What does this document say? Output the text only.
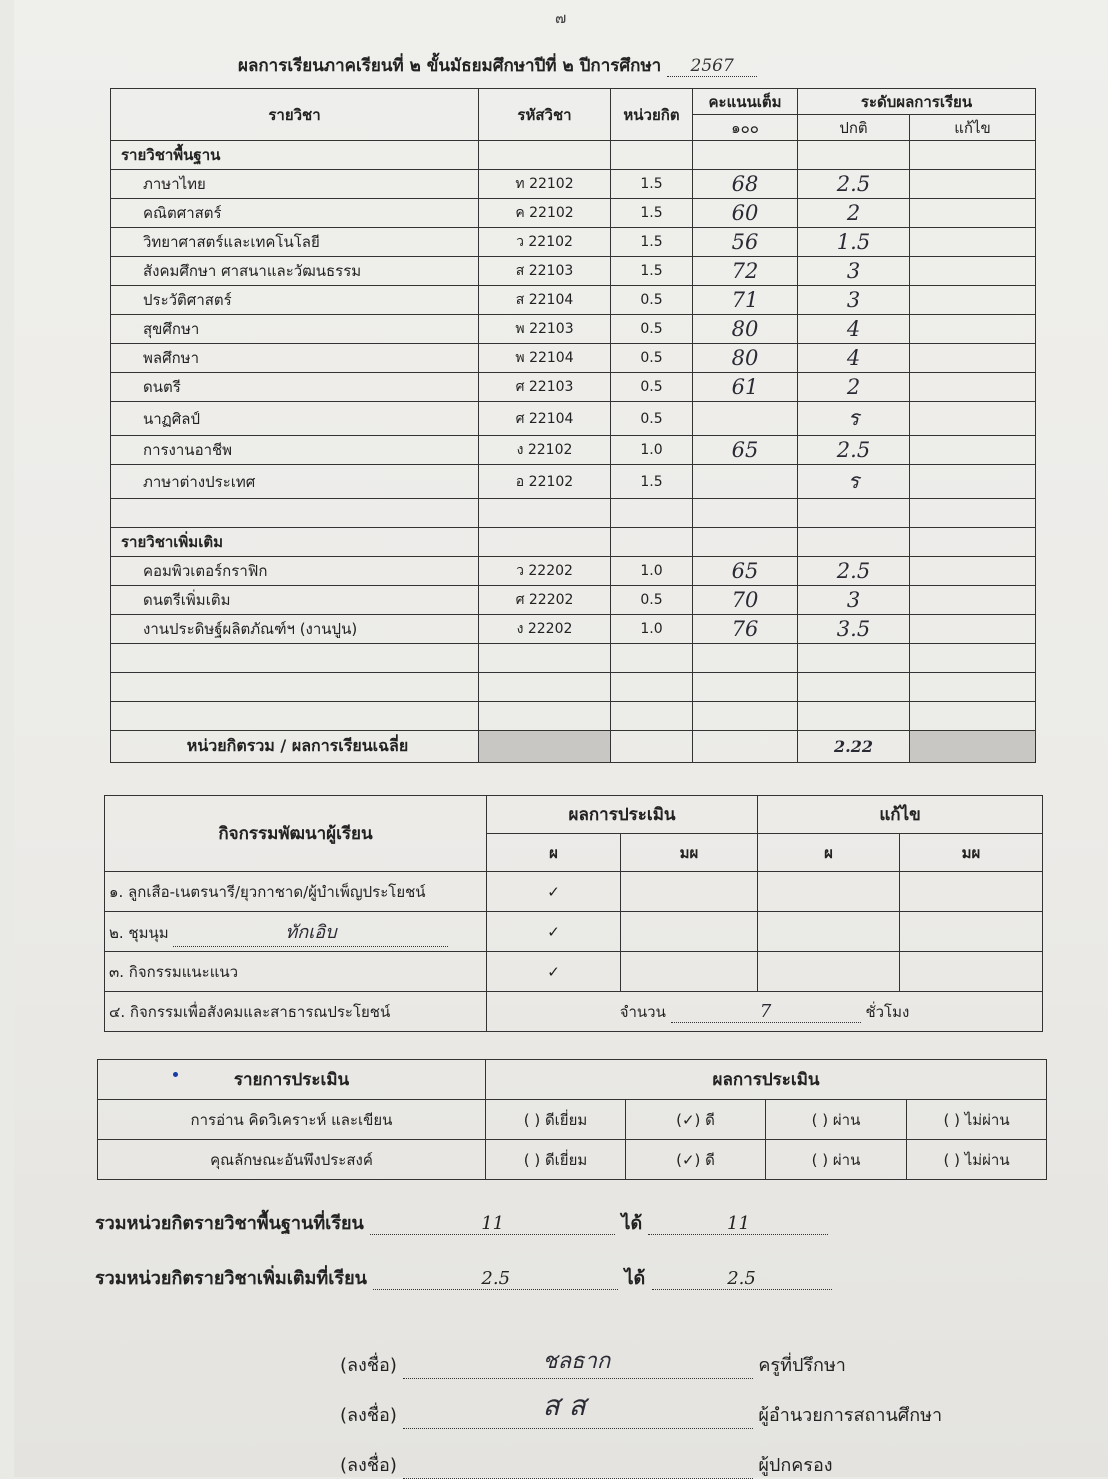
๗
ผลการเรียนภาคเรียนที่ ๒ ขั้นมัธยมศึกษาปีที่ ๒ ปีการศึกษา 2567
รายวิชา	รหัสวิชา	หน่วยกิต	คะแนนเต็ม	ระดับผลการเรียน	
			๑๐๐	ปกติ	แก้ไข
รายวิชาพื้นฐาน					
ภาษาไทย	ท 22102	1.5	68	2.5	
คณิตศาสตร์	ค 22102	1.5	60	2	
วิทยาศาสตร์และเทคโนโลยี	ว 22102	1.5	56	1.5	
สังคมศึกษา ศาสนาและวัฒนธรรม	ส 22103	1.5	72	3	
ประวัติศาสตร์	ส 22104	0.5	71	3	
สุขศึกษา	พ 22103	0.5	80	4	
พลศึกษา	พ 22104	0.5	80	4	
ดนตรี	ศ 22103	0.5	61	2	
นาฏศิลป์	ศ 22104	0.5		ร	
การงานอาชีพ	ง 22102	1.0	65	2.5	
ภาษาต่างประเทศ	อ 22102	1.5		ร	

รายวิชาเพิ่มเติม					
คอมพิวเตอร์กราฟิก	ว 22202	1.0	65	2.5	
ดนตรีเพิ่มเติม	ศ 22202	0.5	70	3	
งานประดิษฐ์ผลิตภัณฑ์ฯ (งานปูน)	ง 22202	1.0	76	3.5	

หน่วยกิตรวม / ผลการเรียนเฉลี่ย				2.22	
กิจกรรมพัฒนาผู้เรียน	ผลการประเมิน		แก้ไข	
	ผ	มผ	ผ	มผ
๑. ลูกเสือ-เนตรนารี/ยุวกาชาด/ผู้บำเพ็ญประโยชน์	✓			
๒. ชุมนุม ทักเอิบ	✓			
๓. กิจกรรมแนะแนว	✓			
๔. กิจกรรมเพื่อสังคมและสาธารณประโยชน์	จำนวน 7 ชั่วโมง			
รายการประเมิน	ผลการประเมิน			
การอ่าน คิดวิเคราะห์ และเขียน	( ) ดีเยี่ยม	(✓) ดี	( ) ผ่าน	( ) ไม่ผ่าน
คุณลักษณะอันพึงประสงค์	( ) ดีเยี่ยม	(✓) ดี	( ) ผ่าน	( ) ไม่ผ่าน
รวมหน่วยกิตรายวิชาพื้นฐานที่เรียน	11	ได้	11
รวมหน่วยกิตรายวิชาเพิ่มเติมที่เรียน	2.5	ได้	2.5
(ลงชื่อ)	ชลธาก	ครูที่ปรึกษา
(ลงชื่อ)	ส ส	ผู้อำนวยการสถานศึกษา
(ลงชื่อ)	ผู้ปกครอง
